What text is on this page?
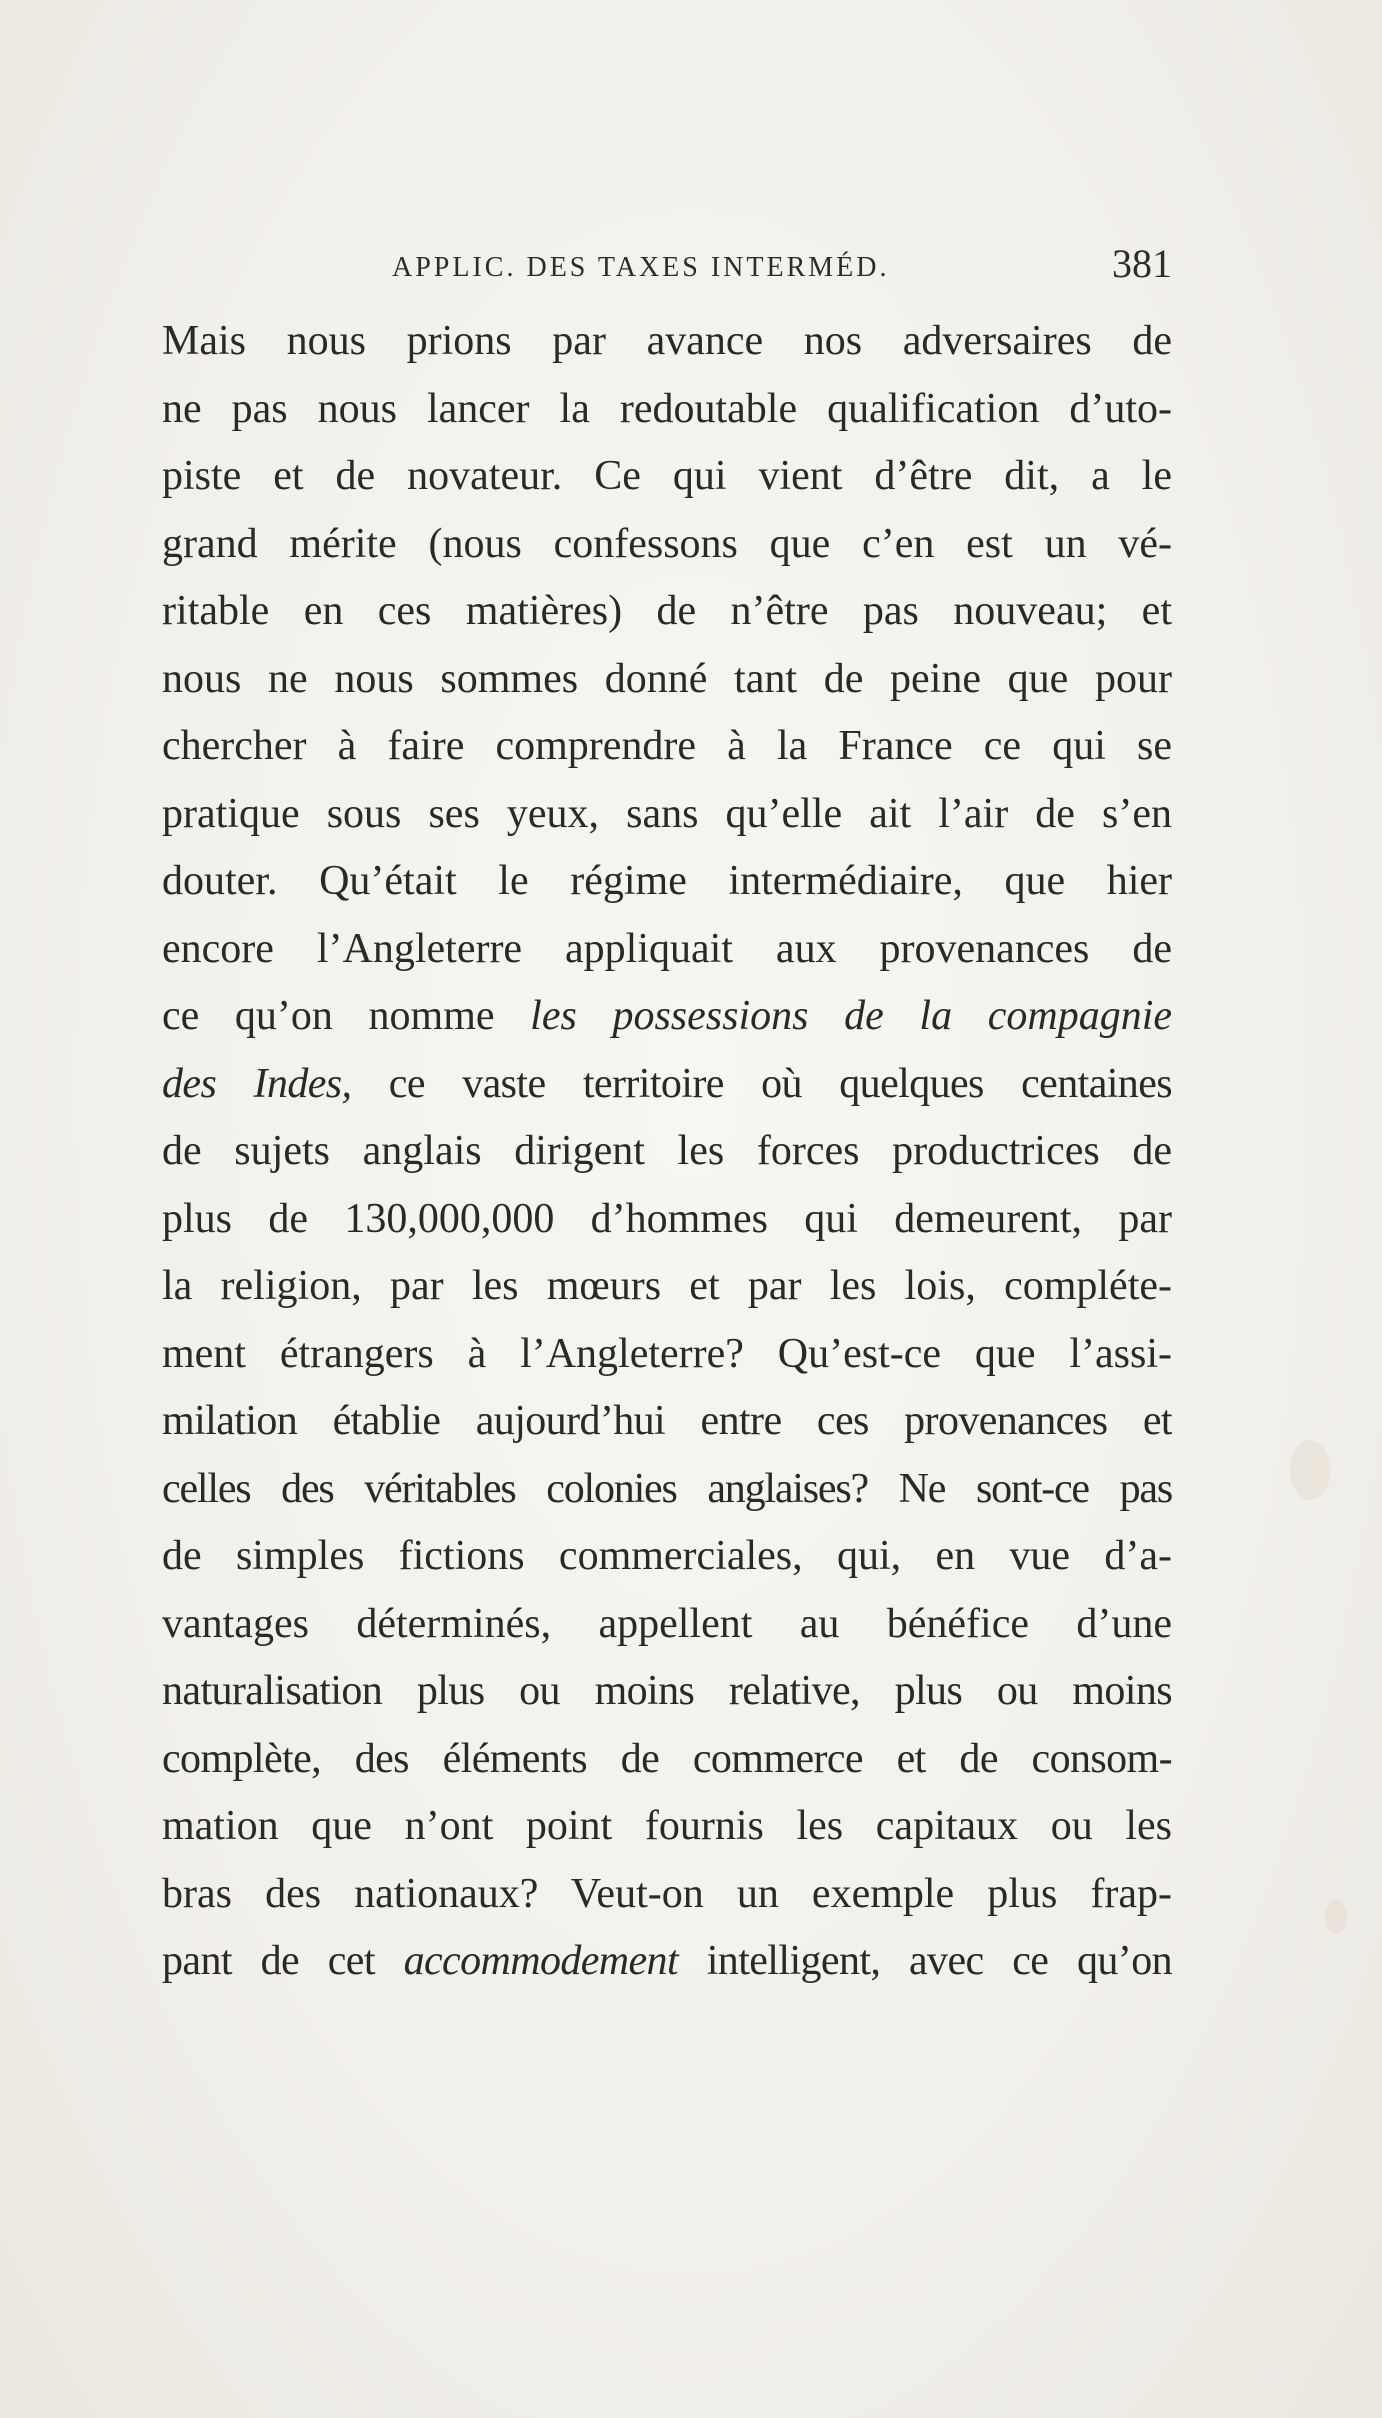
APPLIC. DES TAXES INTERMÉD.	381
Mais nous prions par avance nos adversaires de
ne pas nous lancer la redoutable qualification d’uto-
piste et de novateur. Ce qui vient d’être dit, a le
grand mérite (nous confessons que c’en est un vé-
ritable en ces matières) de n’être pas nouveau; et
nous ne nous sommes donné tant de peine que pour
chercher à faire comprendre à la France ce qui se
pratique sous ses yeux, sans qu’elle ait l’air de s’en
douter. Qu’était le régime intermédiaire, que hier
encore l’Angleterre appliquait aux provenances de
ce qu’on nomme les possessions de la compagnie
des Indes, ce vaste territoire où quelques centaines
de sujets anglais dirigent les forces productrices de
plus de 130,000,000 d’hommes qui demeurent, par
la religion, par les mœurs et par les lois, compléte-
ment étrangers à l’Angleterre? Qu’est-ce que l’assi-
milation établie aujourd’hui entre ces provenances et
celles des véritables colonies anglaises? Ne sont-ce pas
de simples fictions commerciales, qui, en vue d’a-
vantages déterminés, appellent au bénéfice d’une
naturalisation plus ou moins relative, plus ou moins
complète, des éléments de commerce et de consom-
mation que n’ont point fournis les capitaux ou les
bras des nationaux? Veut-on un exemple plus frap-
pant de cet accommodement intelligent, avec ce qu’on
